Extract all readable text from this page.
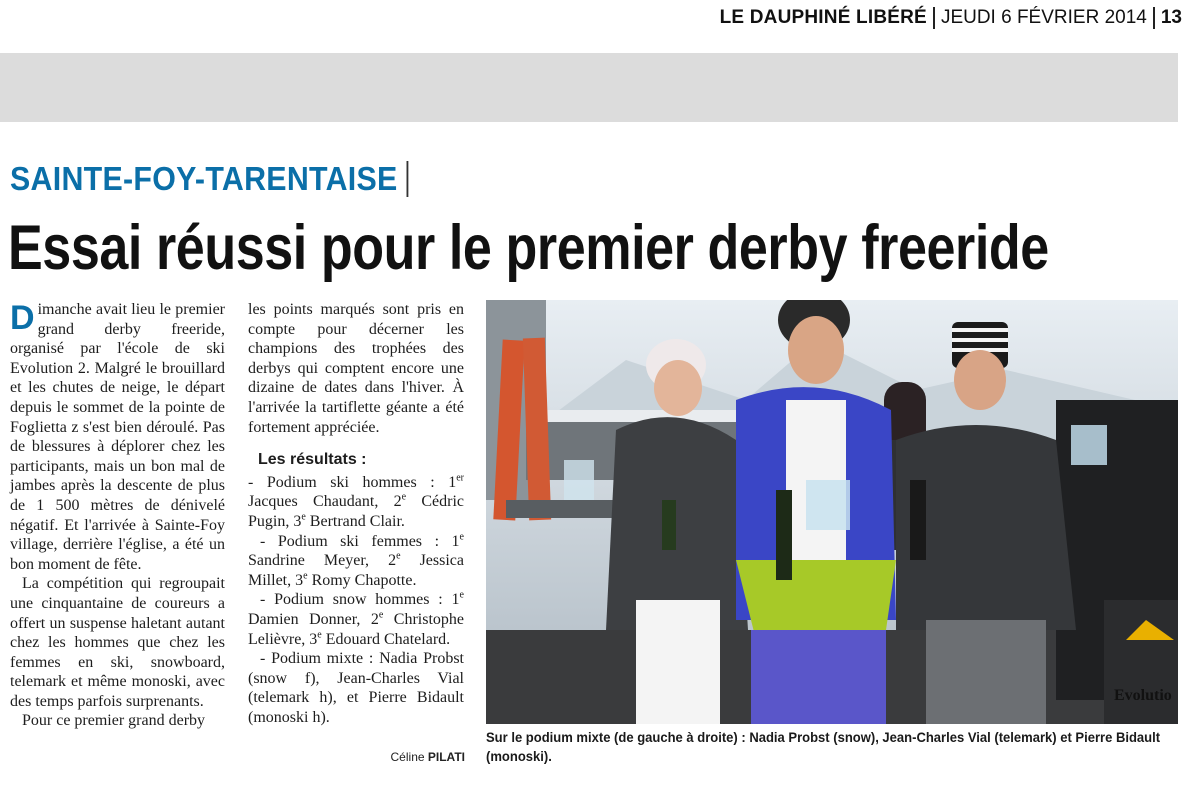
LE DAUPHINÉ LIBÉRÉ JEUDI 6 FÉVRIER 2014 13
SAINTE-FOY-TARENTAISE
Essai réussi pour le premier derby freeride

Dimanche avait lieu le premier grand derby freeride, organisé par l'école de ski Evolution 2. Malgré le brouillard et les chutes de neige, le départ depuis le sommet de la pointe de Foglietta z s'est bien déroulé. Pas de blessures à déplorer chez les participants, mais un bon mal de jambes après la descente de plus de 1 500 mètres de dénivelé négatif. Et l'arrivée à Sainte-Foy village, derrière l'église, a été un bon moment de fête.

La compétition qui regroupait une cinquantaine de coureurs a offert un suspense haletant autant chez les hommes que chez les femmes en ski, snowboard, telemark et même monoski, avec des temps parfois surprenants.

Pour ce premier grand derby

les points marqués sont pris en compte pour décerner les champions des trophées des derbys qui comptent encore une dizaine de dates dans l'hiver. À l'arrivée la tartiflette géante a été fortement appréciée.

Les résultats :

- Podium ski hommes : 1er Jacques Chaudant, 2e Cédric Pugin, 3e Bertrand Clair.

- Podium ski femmes : 1e Sandrine Meyer, 2e Jessica Millet, 3e Romy Chapotte.

- Podium snow hommes : 1e Damien Donner, 2e Christophe Lelièvre, 3e Edouard Chatelard.

- Podium mixte : Nadia Probst (snow f), Jean-Charles Vial (telemark h), et Pierre Bidault (monoski h).

Céline PILATI
Evolutio
Sur le podium mixte (de gauche à droite) : Nadia Probst (snow), Jean-Charles Vial (telemark) et Pierre Bidault (monoski).
